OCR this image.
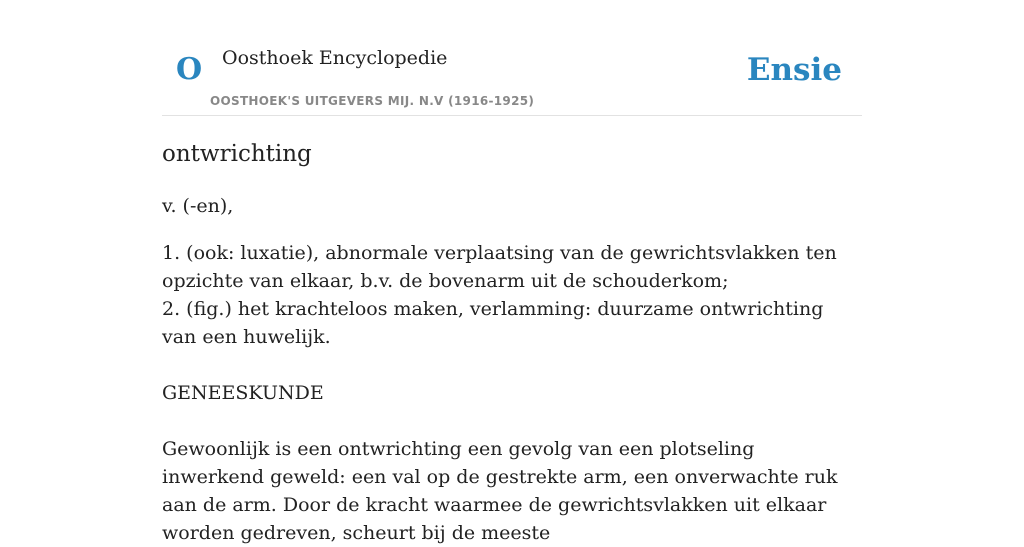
O Oosthoek Encyclopedie
OOSTHOEK'S UITGEVERS MIJ. N.V (1916-1925)
Ensie
ontwrichting

v. (-en),

1. (ook: luxatie), abnormale verplaatsing van de gewrichtsvlakken ten opzichte van elkaar, b.v. de bovenarm uit de schouderkom;

2. (fig.) het krachteloos maken, verlamming: duurzame ontwrichting van een huwelijk.

GENEESKUNDE

Gewoonlijk is een ontwrichting een gevolg van een plotseling inwerkend geweld: een val op de gestrekte arm, een onverwachte ruk aan de arm. Door de kracht waarmee de gewrichtsvlakken uit elkaar worden gedreven, scheurt bij de meeste
